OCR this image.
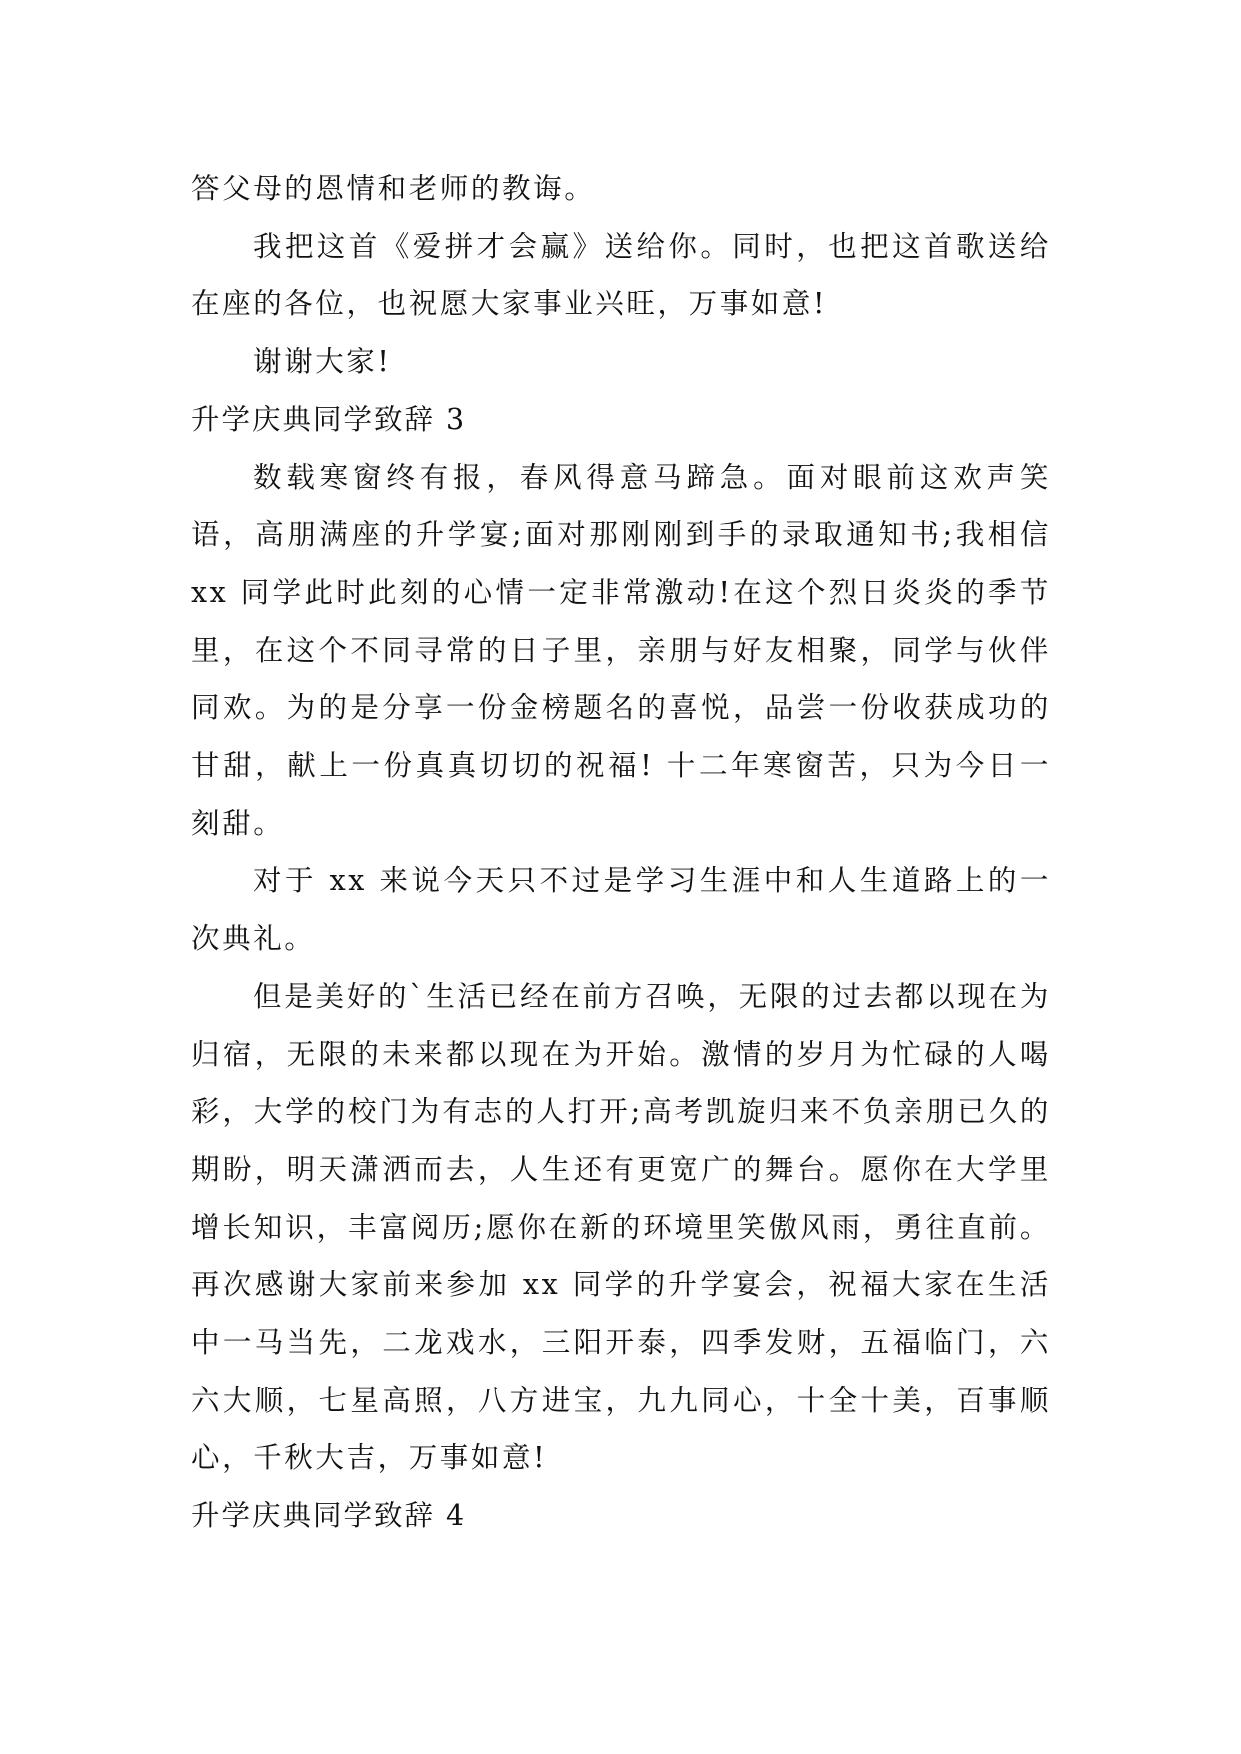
答父母的恩情和老师的教诲。

我把这首《爱拼才会赢》送给你。同时，也把这首歌送给在座的各位，也祝愿大家事业兴旺，万事如意!

谢谢大家!

升学庆典同学致辞 3

数载寒窗终有报，春风得意马蹄急。面对眼前这欢声笑语，高朋满座的升学宴;面对那刚刚到手的录取通知书;我相信 xx 同学此时此刻的心情一定非常激动!在这个烈日炎炎的季节里，在这个不同寻常的日子里，亲朋与好友相聚，同学与伙伴同欢。为的是分享一份金榜题名的喜悦，品尝一份收获成功的甘甜，献上一份真真切切的祝福! 十二年寒窗苦，只为今日一刻甜。

对于 xx 来说今天只不过是学习生涯中和人生道路上的一次典礼。

但是美好的`生活已经在前方召唤，无限的过去都以现在为归宿，无限的未来都以现在为开始。激情的岁月为忙碌的人喝彩，大学的校门为有志的人打开;高考凯旋归来不负亲朋已久的期盼，明天潇洒而去，人生还有更宽广的舞台。愿你在大学里增长知识，丰富阅历;愿你在新的环境里笑傲风雨，勇往直前。 再次感谢大家前来参加 xx 同学的升学宴会，祝福大家在生活中一马当先，二龙戏水，三阳开泰，四季发财，五福临门，六六大顺，七星高照，八方进宝，九九同心，十全十美，百事顺心，千秋大吉，万事如意!

升学庆典同学致辞 4
